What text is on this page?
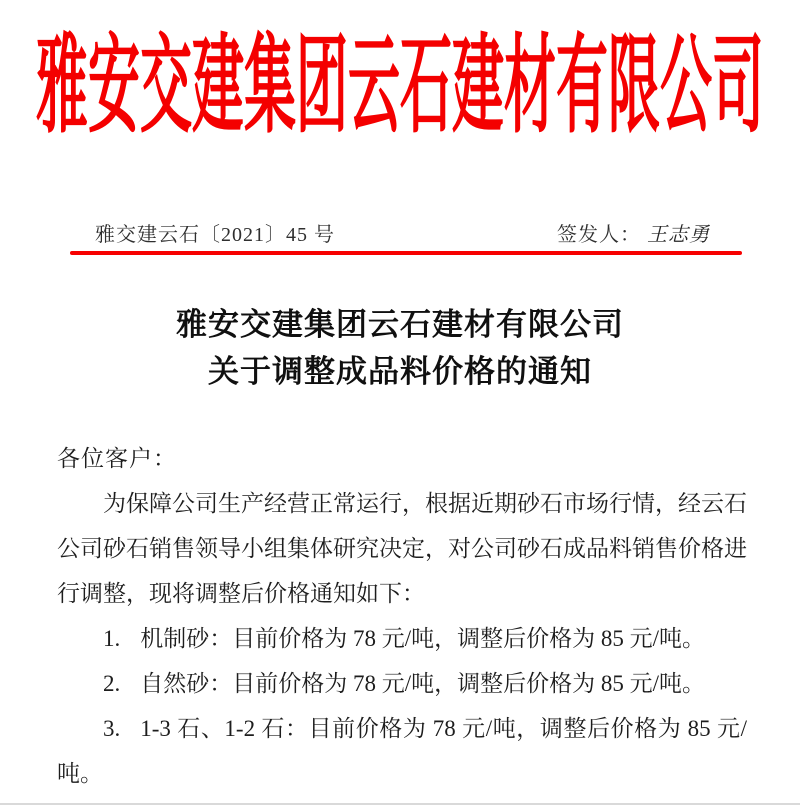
雅安交建集团云石建材有限公司
雅交建云石〔2021〕45 号	签发人： 王志勇
雅安交建集团云石建材有限公司
关于调整成品料价格的通知

各位客户：

为保障公司生产经营正常运行，根据近期砂石市场行情，经云石公司砂石销售领导小组集体研究决定，对公司砂石成品料销售价格进行调整，现将调整后价格通知如下：

1. 机制砂：目前价格为 78 元/吨，调整后价格为 85 元/吨。

2. 自然砂：目前价格为 78 元/吨，调整后价格为 85 元/吨。

3. 1-3 石、1-2 石：目前价格为 78 元/吨，调整后价格为 85 元/吨。
